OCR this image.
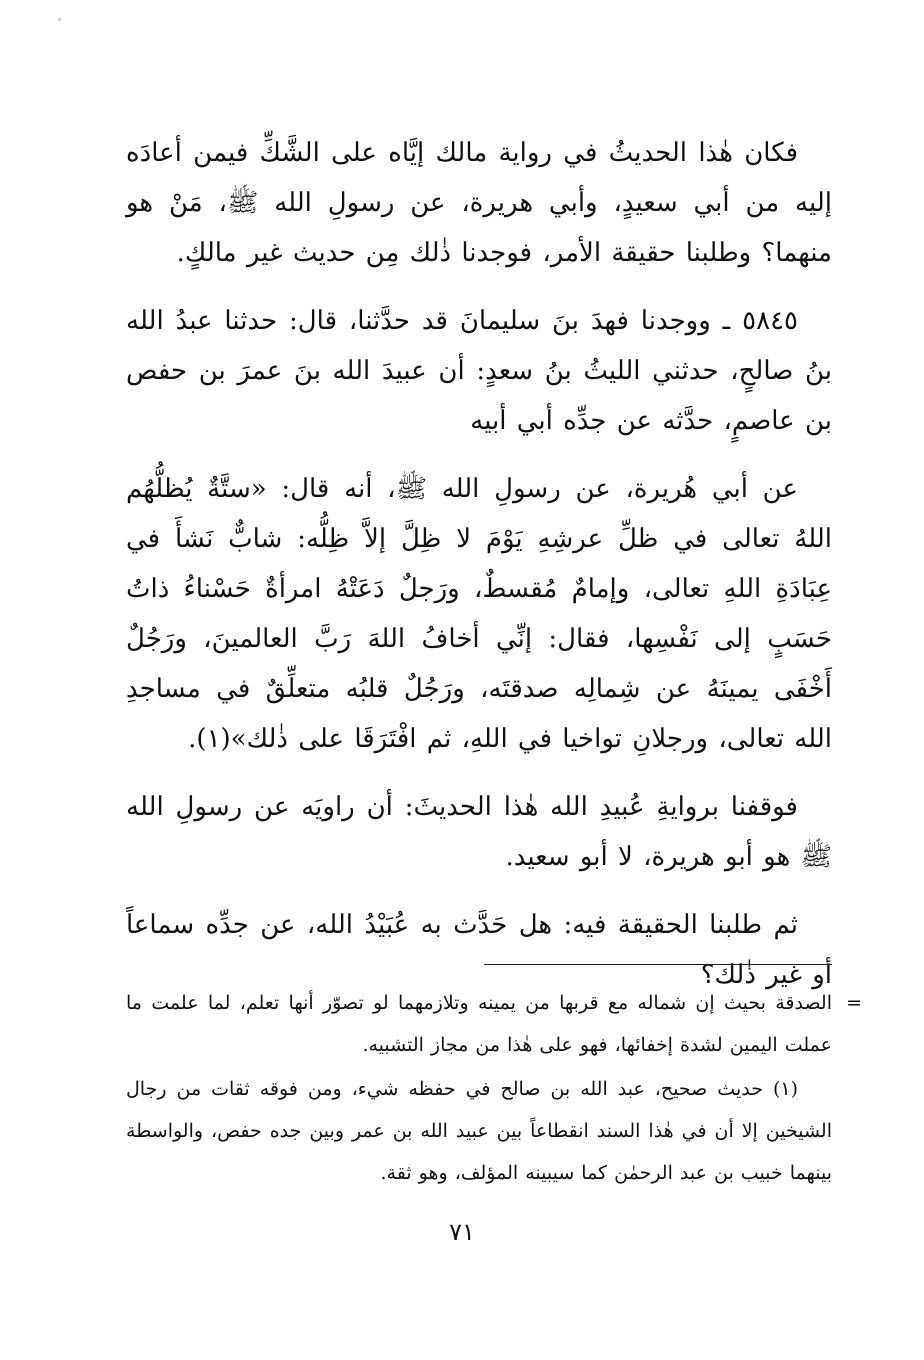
فكان هٰذا الحديثُ في رواية مالك إيَّاه على الشَّكِّ فيمن أعادَه إليه من أبي سعيدٍ، وأبي هريرة، عن رسولِ الله ﷺ، مَنْ هو منهما؟ وطلبنا حقيقة الأمر، فوجدنا ذٰلك مِن حديث غير مالكٍ.

٥٨٤٥ ـ ووجدنا فهدَ بنَ سليمانَ قد حدَّثنا، قال: حدثنا عبدُ الله بنُ صالحٍ، حدثني الليثُ بنُ سعدٍ: أن عبيدَ الله بنَ عمرَ بن حفص بن عاصمٍ، حدَّثه عن جدِّه أبي أبيه

عن أبي هُريرة، عن رسولِ الله ﷺ، أنه قال: «ستَّةٌ يُظلُّهُم اللهُ تعالى في ظلِّ عرشِهِ يَوْمَ لا ظِلَّ إلاَّ ظِلُّه: شابٌّ نَشأَ في عِبَادَةِ اللهِ تعالى، وإمامٌ مُقسطٌ، ورَجلٌ دَعَتْهُ امرأةٌ حَسْناءُ ذاتُ حَسَبٍ إلى نَفْسِها، فقال: إنِّي أخافُ اللهَ رَبَّ العالمينَ، ورَجُلٌ أَخْفَى يمينَهُ عن شِمالِه صدقتَه، ورَجُلٌ قلبُه متعلِّقٌ في مساجدِ الله تعالى، ورجلانِ تواخيا في اللهِ، ثم افْتَرَقَا على ذٰلك»(١).

فوقفنا بروايةِ عُبيدِ الله هٰذا الحديثَ: أن راويَه عن رسولِ الله ﷺ هو أبو هريرة، لا أبو سعيد.

ثم طلبنا الحقيقة فيه: هل حَدَّث به عُبَيْدُ الله، عن جدِّه سماعاً أو غير ذٰلك؟

=
الصدقة بحيث إن شماله مع قربها من يمينه وتلازمهما لو تصوّر أنها تعلم، لما علمت ما عملت اليمين لشدة إخفائها، فهو على هٰذا من مجاز التشبيه.

(١) حديث صحيح، عبد الله بن صالح في حفظه شيء، ومن فوقه ثقات من رجال الشيخين إلا أن في هٰذا السند انقطاعاً بين عبيد الله بن عمر وبين جده حفص، والواسطة بينهما خبيب بن عبد الرحمٰن كما سيبينه المؤلف، وهو ثقة.

٧١
